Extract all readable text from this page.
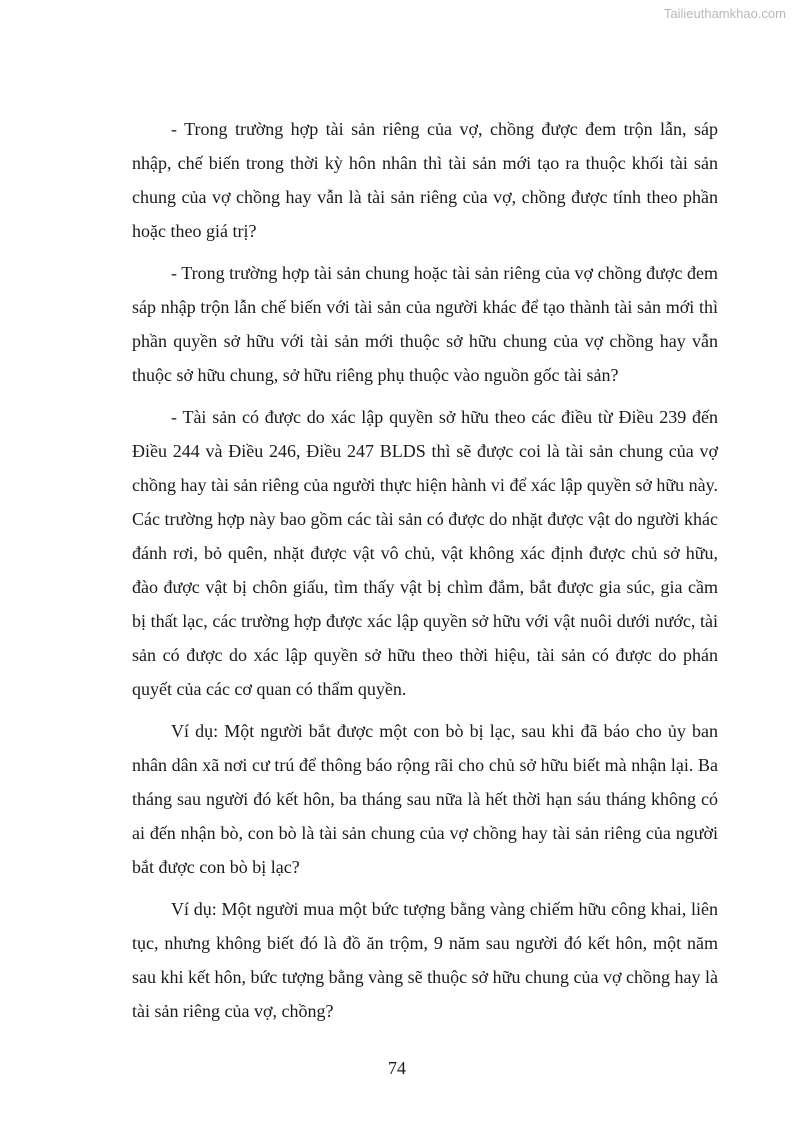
Tailieuthamkhao.com

- Trong trường hợp tài sản riêng của vợ, chồng được đem trộn lẫn, sáp nhập, chế biến trong thời kỳ hôn nhân thì tài sản mới tạo ra thuộc khối tài sản chung của vợ chồng hay vẫn là tài sản riêng của vợ, chồng được tính theo phần hoặc theo giá trị?

- Trong trường hợp tài sản chung hoặc tài sản riêng của vợ chồng được đem sáp nhập trộn lẫn chế biến với tài sản của người khác để tạo thành tài sản mới thì phần quyền sở hữu với tài sản mới thuộc sở hữu chung của vợ chồng hay vẫn thuộc sở hữu chung, sở hữu riêng phụ thuộc vào nguồn gốc tài sản?

- Tài sản có được do xác lập quyền sở hữu theo các điều từ Điều 239 đến Điều 244 và Điều 246, Điều 247 BLDS thì sẽ được coi là tài sản chung của vợ chồng hay tài sản riêng của người thực hiện hành vi để xác lập quyền sở hữu này. Các trường hợp này bao gồm các tài sản có được do nhặt được vật do người khác đánh rơi, bỏ quên, nhặt được vật vô chủ, vật không xác định được chủ sở hữu, đào được vật bị chôn giấu, tìm thấy vật bị chìm đắm, bắt được gia súc, gia cầm bị thất lạc, các trường hợp được xác lập quyền sở hữu với vật nuôi dưới nước, tài sản có được do xác lập quyền sở hữu theo thời hiệu, tài sản có được do phán quyết của các cơ quan có thẩm quyền.

Ví dụ: Một người bắt được một con bò bị lạc, sau khi đã báo cho ủy ban nhân dân xã nơi cư trú để thông báo rộng rãi cho chủ sở hữu biết mà nhận lại. Ba tháng sau người đó kết hôn, ba tháng sau nữa là hết thời hạn sáu tháng không có ai đến nhận bò, con bò là tài sản chung của vợ chồng hay tài sản riêng của người bắt được con bò bị lạc?

Ví dụ: Một người mua một bức tượng bằng vàng chiếm hữu công khai, liên tục, nhưng không biết đó là đồ ăn trộm, 9 năm sau người đó kết hôn, một năm sau khi kết hôn, bức tượng bằng vàng sẽ thuộc sở hữu chung của vợ chồng hay là tài sản riêng của vợ, chồng?

74
